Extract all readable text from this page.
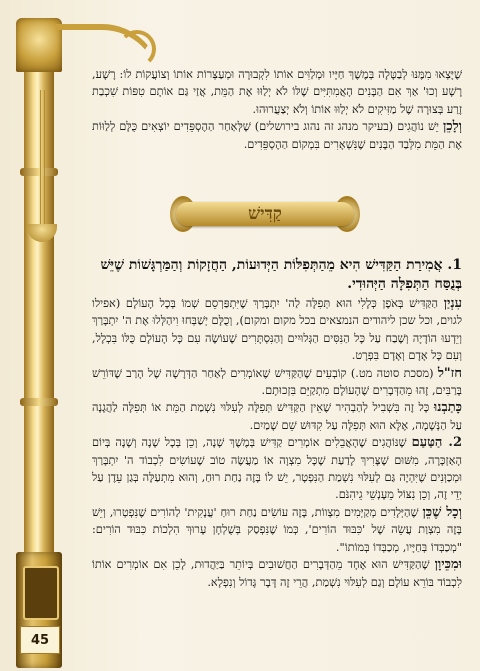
45

שֶׁיָּצְאוּ מִמֶּנּוּ לְבַטָּלָה בְּמֶשֶׁךְ חַיָּיו וּמְלַוִּים אוֹתוֹ לִקְבוּרָה וּמְעַצְּרוֹת אוֹתוֹ וְצוֹעֲקוֹת לוֹ: רָשָׁע, רָשָׁע וְכוּ' אַךְ אִם הַבָּנִים הָאֲמִתִּיִּים שֶׁלּוֹ לֹא יְלַוּוּ אֶת הַמֵּת, אֲזַי גַּם אוֹתָם טִפּוֹת שִׁכְבַת זֶרַע בְּצוּרָה שֶׁל מַזִּיקִים לֹא יְלַוּוּ אוֹתוֹ וְלֹא יְצַעֲרוּהוּ.

וְלָכֵן יֵשׁ נוֹהֲגִים (בעיקר מנהג זה נהוג בירושלים) שֶׁלְּאַחַר הַהֶסְפֵּדִים יוֹצְאִים כֻּלָּם לְלַוּוֹת אֶת הַמֵּת מִלְּבַד הַבָּנִים שֶׁנִּשְׁאָרִים בִּמְקוֹם הַהֶסְפֵּדִים.

קַדִּישׁ
1. אֲמִירַת הַקַּדִּישׁ הִיא מֵהַתְּפִלּוֹת הַיְּדוּעוֹת, הַחֲזָקוֹת וְהַמַּרְגָּשׁוֹת שֶׁיֵּשׁ בְּנֻסַּח הַתְּפִלָּה הַיְּהוּדִי.

עִנְיַן הַקַּדִּישׁ בְּאֹפֶן כְּלָלִי הוּא תְּפִלָּה לַה' יִתְבָּרַךְ שֶׁיִּתְפַּרְסֵם שְׁמוֹ בְּכָל הָעוֹלָם (אפילו לגוים, וכל שכן ליהודים הנמצאים בכל מקום ומקום), וְכֻלָּם יְשַׁבְּחוּ וִיהַלְּלוּ אֶת ה' יִתְבָּרַךְ וְיֵדְעוּ הוֹדָיָה וְשֶׁבַח עַל כָּל הַנִּסִּים הַגְּלוּיִים וְהַנִּסְתָּרִים שֶׁעוֹשֶׂה עִם כָּל הָעוֹלָם כֻּלּוֹ בִּכְלָל, וְעִם כָּל אָדָם וְאָדָם בִּפְרָט.

חז"ל (מסכת סוטה מט.) קוֹבְעִים שֶׁהַקַּדִּישׁ שֶׁאוֹמְרִים לְאַחַר הַדְּרָשָׁה שֶׁל הָרַב שֶׁדּוֹרֵשׁ בָּרַבִּים, זֶהוּ מֵהַדְּבָרִים שֶׁהָעוֹלָם מִתְקַיֵּם בִּזְכוּתָם.

כָּתַבְנוּ כָּל זֶה בִּשְׁבִיל לְהַבְהִיר שֶׁאֵין הַקַּדִּישׁ תְּפִלָּה לְעִלּוּי נִשְׁמַת הַמֵּת אוֹ תְּפִלָּה לַהֲגָנָה עַל הַנְּשָׁמָה, אֶלָּא הוּא תְּפִלָּה עַל קִדּוּשׁ שֵׁם שָׁמַיִם.

2. הַטַּעַם שֶׁנּוֹהֲגִים שֶׁהָאֲבֵלִים אוֹמְרִים קַדִּישׁ בְּמֶשֶׁךְ שָׁנָה, וְכֵן בְּכָל שָׁנָה וְשָׁנָה בְּיוֹם הָאַזְכָּרָה, מִשּׁוּם שֶׁצָּרִיךְ לָדַעַת שֶׁכָּל מִצְוָה אוֹ מַעֲשֶׂה טוֹב שֶׁעוֹשִׂים לִכְבוֹד ה' יִתְבָּרַךְ וּמְכַוְּנִים שֶׁיִּהְיֶה גַּם לְעִלּוּי נִשְׁמַת הַנִּפְטָר, יֵשׁ לוֹ בָּזֶה נַחַת רוּחַ, וְהוּא מִתְעַלֶּה בְּגַן עֵדֶן עַל יְדֵי זֶה, וְכֵן נִצּוֹל מֵעָנְשֵׁי גֵיהִנֹּם.

וְכָל שֶׁכֵּן שֶׁהַיְּלָדִים מְקַיְּמִים מִצְווֹת, בָּזֶה עוֹשִׂים נַחַת רוּחַ 'עֲנָקִית' לַהוֹרִים שֶׁנִּפְטְרוּ, וְיֵשׁ בָּזֶה מִצְוַת עֲשֵׂה שֶׁל 'כִּבּוּד הוֹרִים', כְּמוֹ שֶׁנִּפְסַק בְּשֻׁלְחָן עָרוּךְ הִלְכוֹת כִּבּוּד הוֹרִים: "מְכַבְּדוֹ בְּחַיָּיו, מְכַבְּדוֹ בְּמוֹתוֹ".

וּמִכֵּיוָן שֶׁהַקַּדִּישׁ הוּא אֶחָד מֵהַדְּבָרִים הַחֲשׁוּבִים בְּיוֹתֵר בַּיַּהֲדוּת, לָכֵן אִם אוֹמְרִים אוֹתוֹ לִכְבוֹד בּוֹרֵא עוֹלָם וְגַם לְעִלּוּי נִשְׁמַת, הֲרֵי זֶה דָּבָר גָּדוֹל וְנִפְלָא.
